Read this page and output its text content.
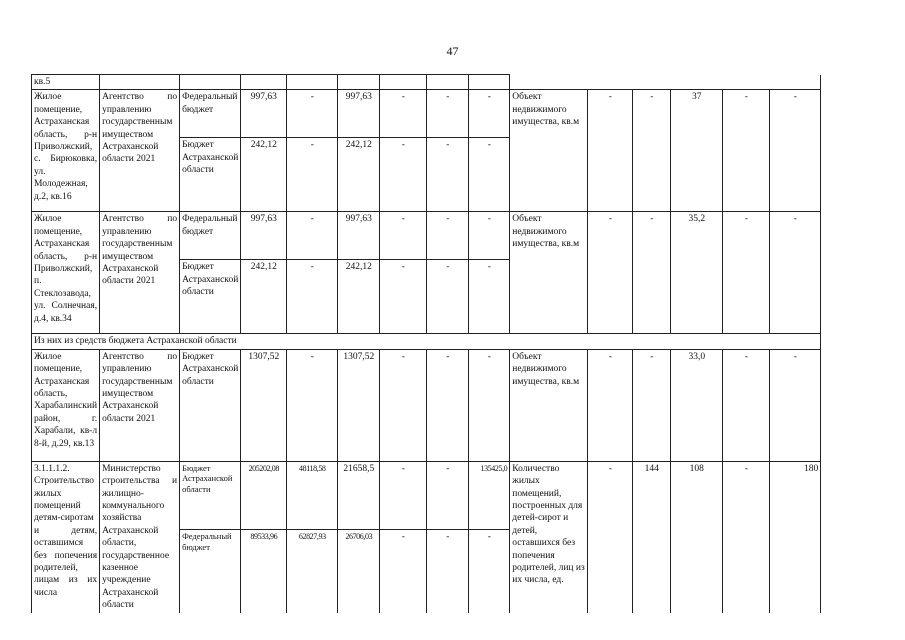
47
кв.5														
Жилое помещение, Астраханская область, р-н Приволжский, с. Бирюковка, ул. Молодежная, д.2, кв.16	Агентство по управлению государственным имуществом Астраханской области 2021	Федеральный бюджет	997,63	-	997,63	-	-	-	Объект недвижимого имущества, кв.м	-	-	37	-	-
		Бюджет Астраханской области	242,12	-	242,12	-	-	-						
Жилое помещение, Астраханская область, р-н Приволжский, п. Стеклозавода, ул. Солнечная, д.4, кв.34	Агентство по управлению государственным имуществом Астраханской области 2021	Федеральный бюджет	997,63	-	997,63	-	-	-	Объект недвижимого имущества, кв.м	-	-	35,2	-	-
		Бюджет Астраханской области	242,12	-	242,12	-	-	-						
Из них из средств бюджета Астраханской области														
Жилое помещение, Астраханская область, Харабалинский район, г. Харабали, кв-л 8-й, д.29, кв.13	Агентство по управлению государственным имуществом Астраханской области 2021	Бюджет Астраханской области	1307,52	-	1307,52	-	-	-	Объект недвижимого имущества, кв.м	-	-	33,0	-	-
3.1.1.1.2. Строительство жилых помещений детям-сиротам и детям, оставшимся без попечения родителей, лицам из их числа	Министерство строительства и жилищно-коммунального хозяйства Астраханской области, государственное казенное учреждение Астраханской области	Бюджет Астраханской области	205202,08	48118,58	21658,5	-	-	135425,0	Количество жилых помещений, построенных для детей-сирот и детей, оставшихся без попечения родителей, лиц из их числа, ед.	-	144	108	-	180
		Федеральный бюджет	89533,96	62827,93	26706,03	-	-	-						
